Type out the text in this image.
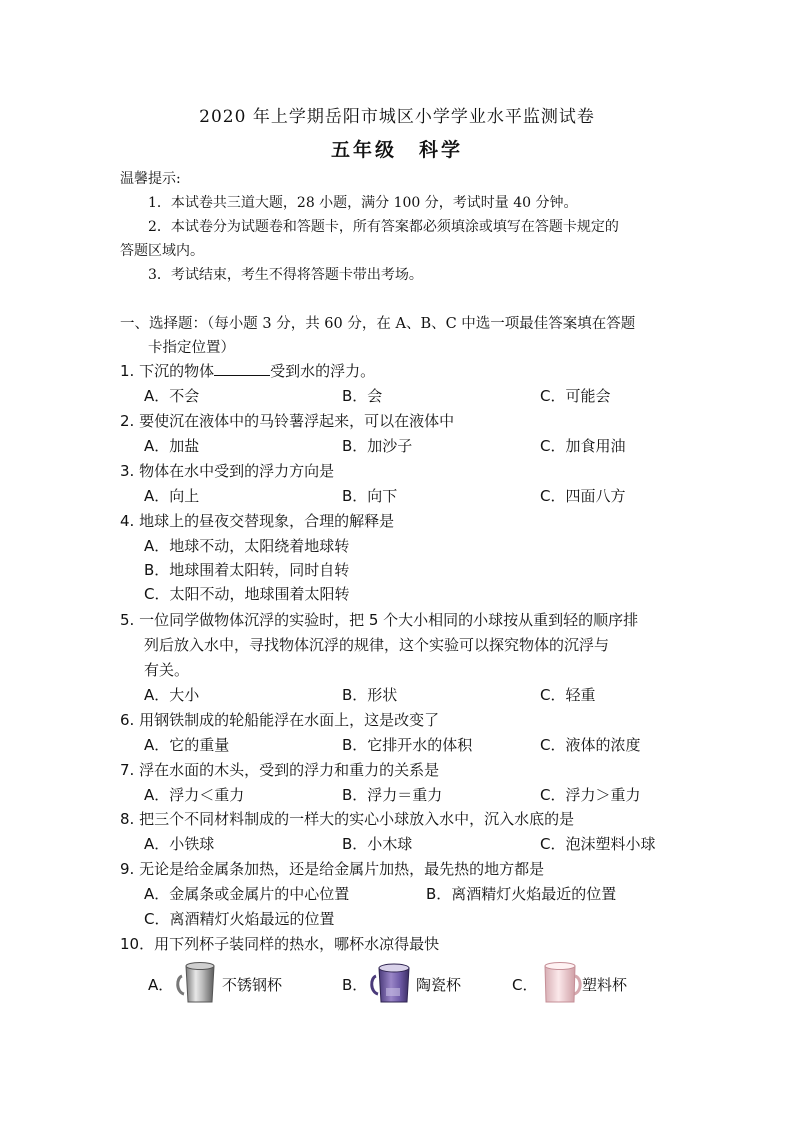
2020 年上学期岳阳市城区小学学业水平监测试卷
五年级　科学
温馨提示:
1．本试卷共三道大题，28 小题，满分 100 分，考试时量 40 分钟。
2．本试卷分为试题卷和答题卡，所有答案都必须填涂或填写在答题卡规定的
答题区域内。
3．考试结束，考生不得将答题卡带出考场。
一、选择题：（每小题 3 分，共 60 分，在 A、B、C 中选一项最佳答案填在答题
卡指定位置）
1. 下沉的物体	受到水的浮力。
A．不会	B．会	C．可能会
2. 要使沉在液体中的马铃薯浮起来，可以在液体中
A．加盐	B．加沙子	C．加食用油
3. 物体在水中受到的浮力方向是
A．向上	B．向下	C．四面八方
4. 地球上的昼夜交替现象，合理的解释是
A．地球不动，太阳绕着地球转
B．地球围着太阳转，同时自转
C．太阳不动，地球围着太阳转
5. 一位同学做物体沉浮的实验时，把 5 个大小相同的小球按从重到轻的顺序排
列后放入水中，寻找物体沉浮的规律，这个实验可以探究物体的沉浮与
有关。
A．大小	B．形状	C．轻重
6. 用钢铁制成的轮船能浮在水面上，这是改变了
A．它的重量	B．它排开水的体积	C．液体的浓度
7. 浮在水面的木头，受到的浮力和重力的关系是
A．浮力＜重力	B．浮力＝重力	C．浮力＞重力
8. 把三个不同材料制成的一样大的实心小球放入水中，沉入水底的是
A．小铁球	B．小木球	C．泡沫塑料小球
9. 无论是给金属条加热，还是给金属片加热，最先热的地方都是
A．金属条或金属片的中心位置	B．离酒精灯火焰最近的位置
C．离酒精灯火焰最远的位置
10．用下列杯子装同样的热水，哪杯水凉得最快
A．	不锈钢杯	B．	陶瓷杯	C．	塑料杯
